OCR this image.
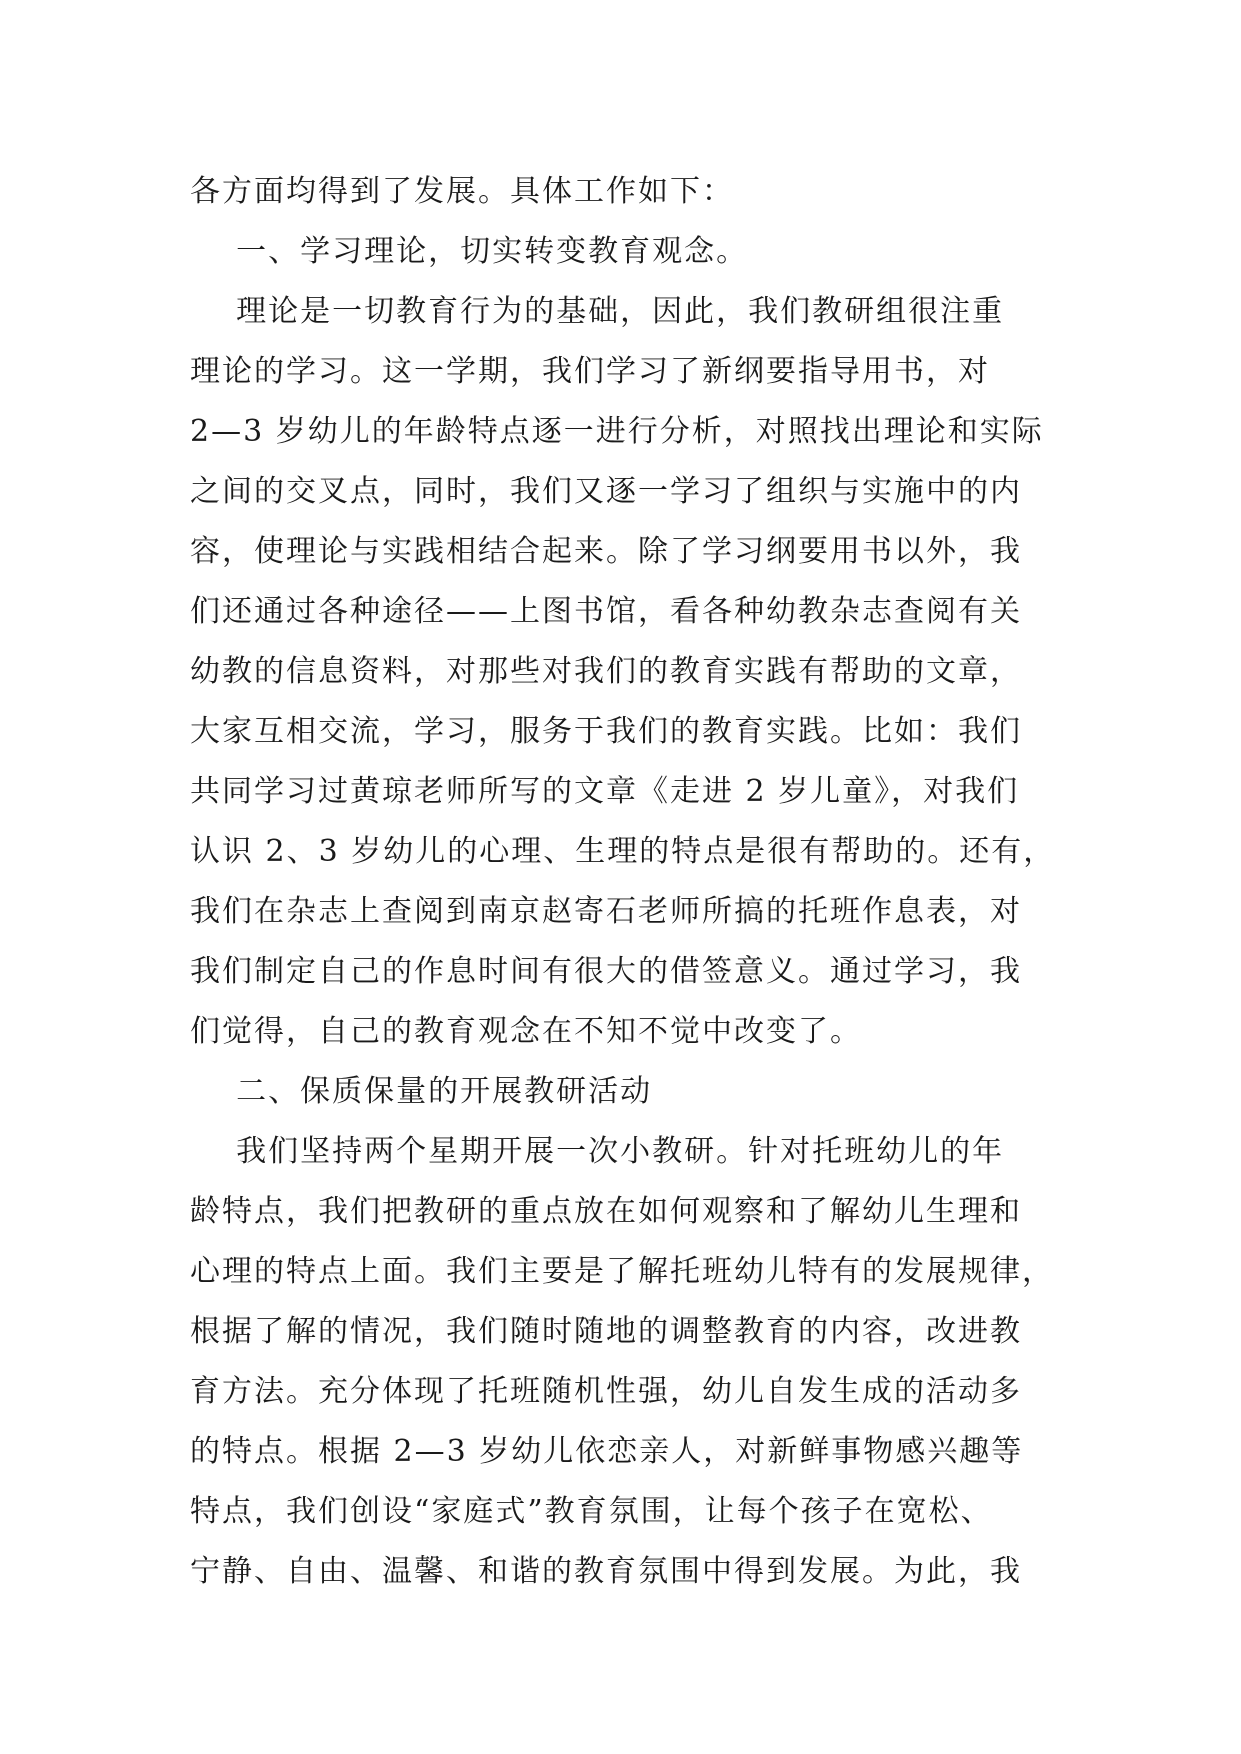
各方面均得到了发展。具体工作如下：
一、学习理论，切实转变教育观念。
理论是一切教育行为的基础，因此，我们教研组很注重
理论的学习。这一学期，我们学习了新纲要指导用书，对
2—3 岁幼儿的年龄特点逐一进行分析，对照找出理论和实际
之间的交叉点，同时，我们又逐一学习了组织与实施中的内
容，使理论与实践相结合起来。除了学习纲要用书以外，我
们还通过各种途径——上图书馆，看各种幼教杂志查阅有关
幼教的信息资料，对那些对我们的教育实践有帮助的文章，
大家互相交流，学习，服务于我们的教育实践。比如：我们
共同学习过黄琼老师所写的文章《走进 2 岁儿童》，对我们
认识 2、3 岁幼儿的心理、生理的特点是很有帮助的。还有，
我们在杂志上查阅到南京赵寄石老师所搞的托班作息表，对
我们制定自己的作息时间有很大的借签意义。通过学习，我
们觉得，自己的教育观念在不知不觉中改变了。
二、保质保量的开展教研活动
我们坚持两个星期开展一次小教研。针对托班幼儿的年
龄特点，我们把教研的重点放在如何观察和了解幼儿生理和
心理的特点上面。我们主要是了解托班幼儿特有的发展规律，
根据了解的情况，我们随时随地的调整教育的内容，改进教
育方法。充分体现了托班随机性强，幼儿自发生成的活动多
的特点。根据 2—3 岁幼儿依恋亲人，对新鲜事物感兴趣等
特点，我们创设“家庭式”教育氛围，让每个孩子在宽松、
宁静、自由、温馨、和谐的教育氛围中得到发展。为此，我
